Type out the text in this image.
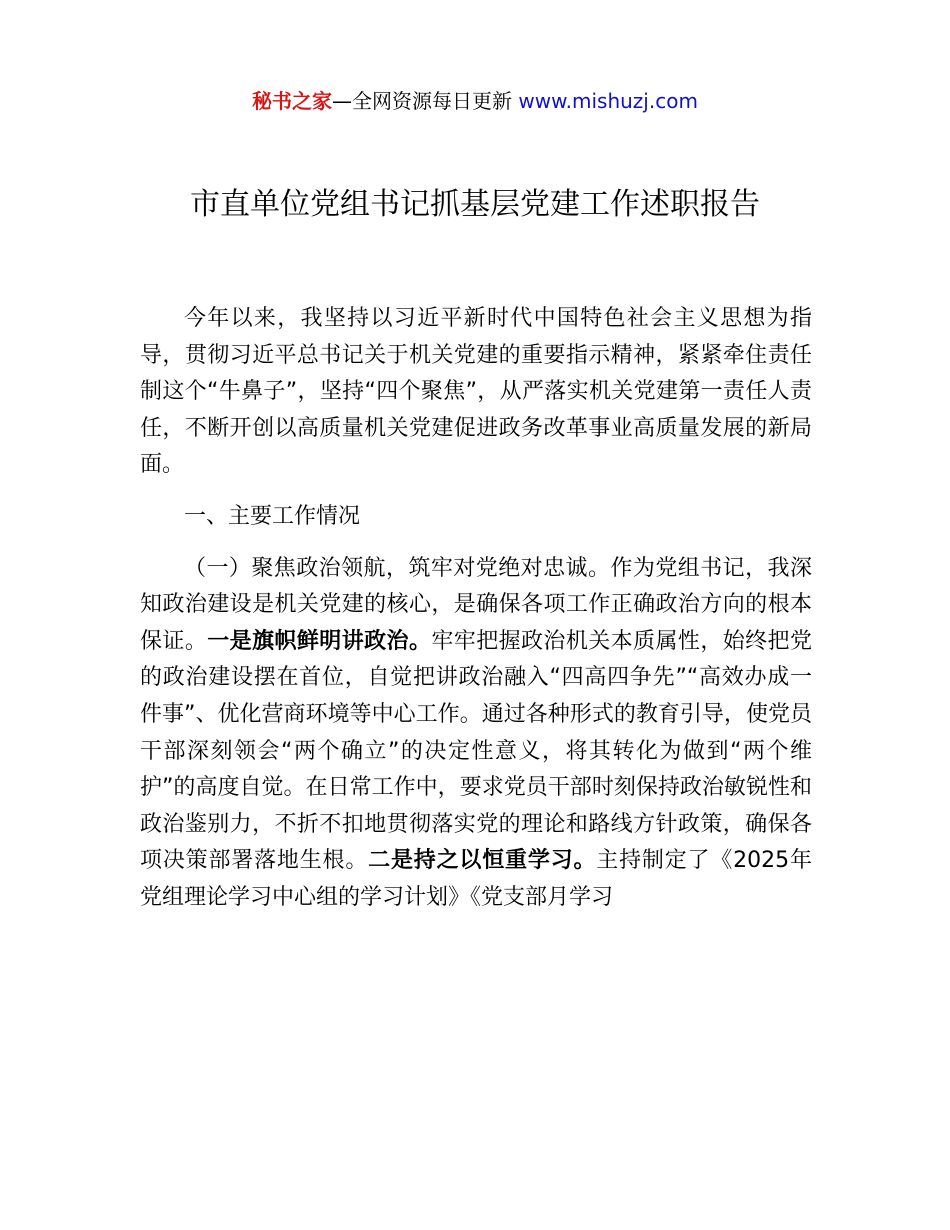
秘书之家—全网资源每日更新 www.mishuzj.com
市直单位党组书记抓基层党建工作述职报告

今年以来，我坚持以习近平新时代中国特色社会主义思想为指导，贯彻习近平总书记关于机关党建的重要指示精神，紧紧牵住责任制这个“牛鼻子”，坚持“四个聚焦”，从严落实机关党建第一责任人责任，不断开创以高质量机关党建促进政务改革事业高质量发展的新局面。

一、主要工作情况

（一）聚焦政治领航，筑牢对党绝对忠诚。作为党组书记，我深知政治建设是机关党建的核心，是确保各项工作正确政治方向的根本保证。一是旗帜鲜明讲政治。牢牢把握政治机关本质属性，始终把党的政治建设摆在首位，自觉把讲政治融入“四高四争先”“高效办成一件事”、优化营商环境等中心工作。通过各种形式的教育引导，使党员干部深刻领会“两个确立”的决定性意义，将其转化为做到“两个维护”的高度自觉。在日常工作中，要求党员干部时刻保持政治敏锐性和政治鉴别力，不折不扣地贯彻落实党的理论和路线方针政策，确保各项决策部署落地生根。二是持之以恒重学习。主持制定了《2025年党组理论学习中心组的学习计划》《党支部月学习
